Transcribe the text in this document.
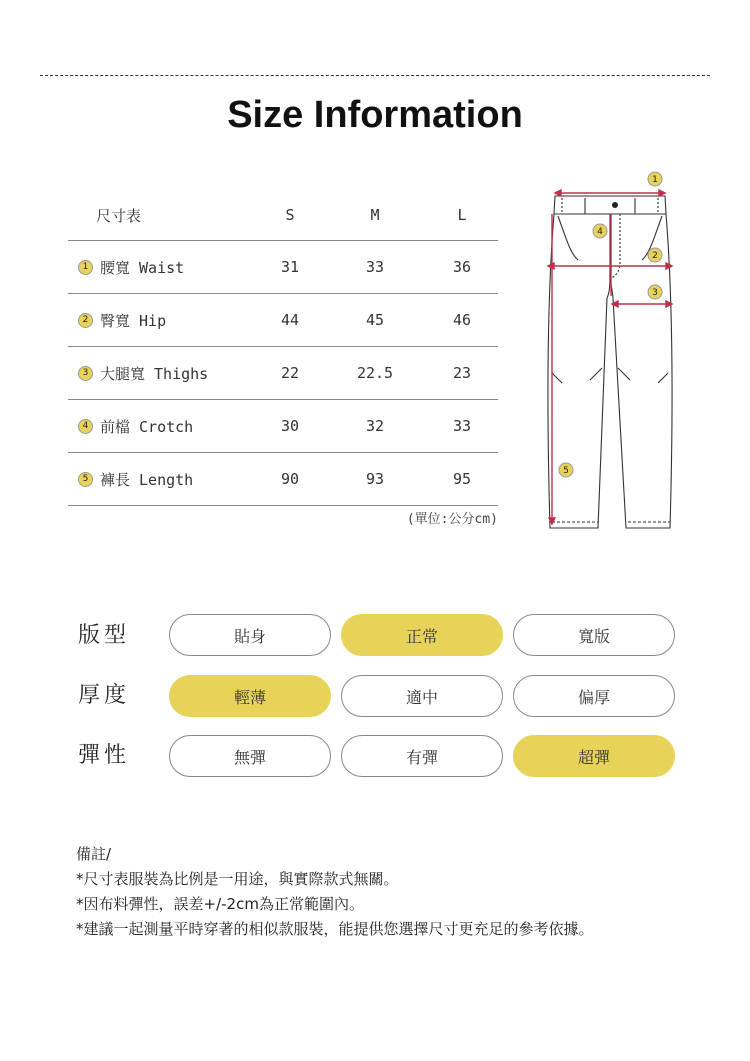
Size Information
尺寸表	S	M	L
1 腰寬 Waist	31	33	36
2 臀寬 Hip	44	45	46
3 大腿寬 Thighs	22	22.5	23
4 前檔 Crotch	30	32	33
5 褲長 Length	90	93	95
(單位:公分cm)
1
4
2
3
5
版型	貼身	正常	寬版
厚度	輕薄	適中	偏厚
彈性	無彈	有彈	超彈
備註/
*尺寸表服裝為比例是一用途，與實際款式無關。
*因布料彈性，誤差+/-2cm為正常範圍內。
*建議一起測量平時穿著的相似款服裝，能提供您選擇尺寸更充足的參考依據。
